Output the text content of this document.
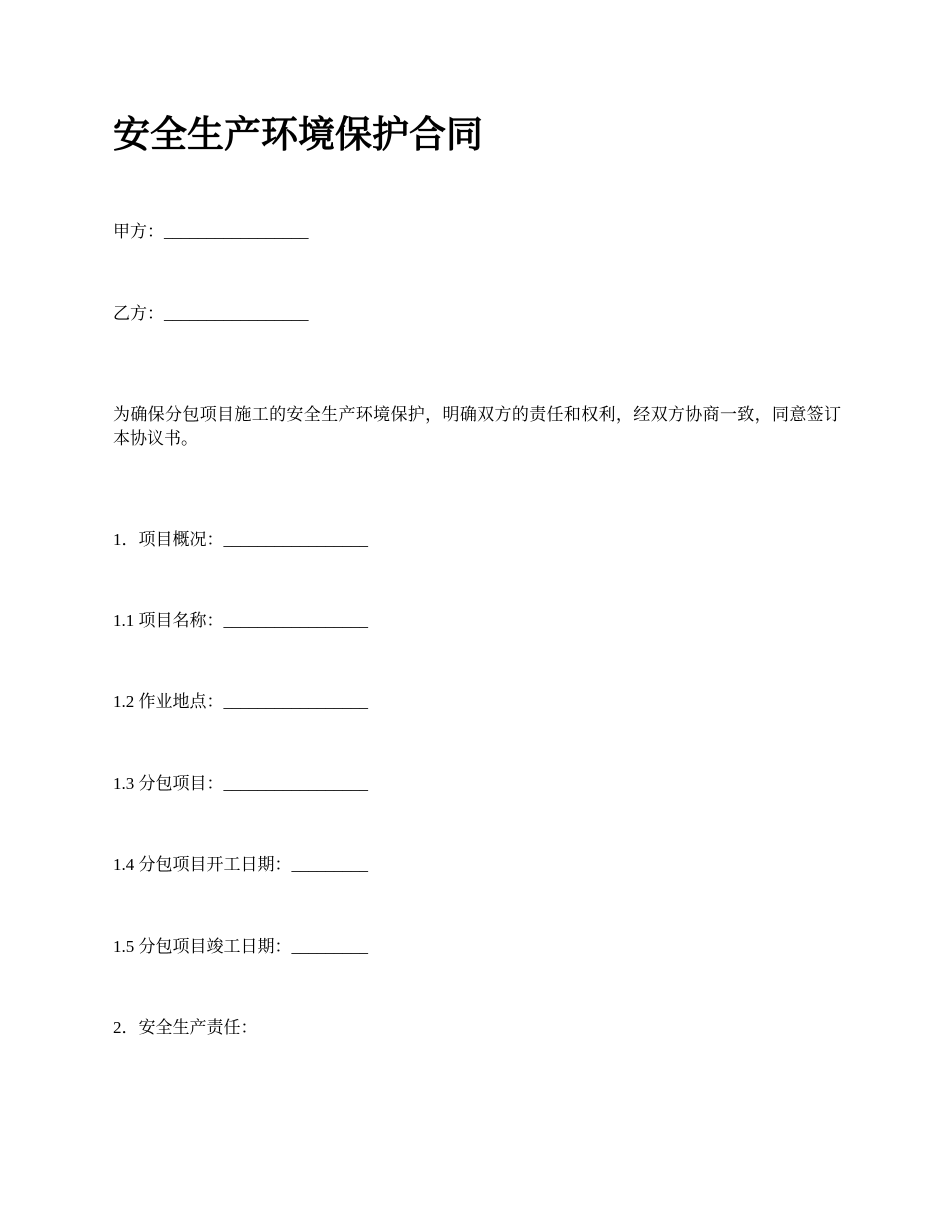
安全生产环境保护合同

甲方：_________________

乙方：_________________

为确保分包项目施工的安全生产环境保护，明确双方的责任和权利，经双方协商一致，同意签订本协议书。

1．项目概况：_________________

1.1 项目名称：_________________

1.2 作业地点：_________________

1.3 分包项目：_________________

1.4 分包项目开工日期：_________

1.5 分包项目竣工日期：_________

2．安全生产责任：
